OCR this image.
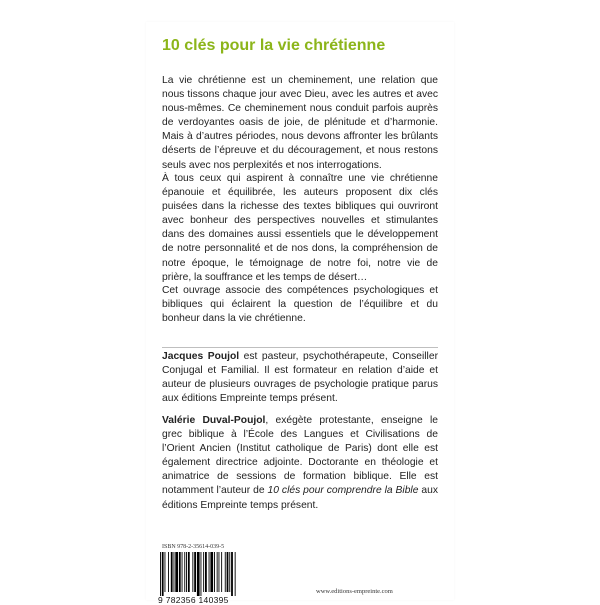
10 clés pour la vie chrétienne

La vie chrétienne est un cheminement, une relation que nous tissons chaque jour avec Dieu, avec les autres et avec nous-mêmes. Ce cheminement nous conduit parfois auprès de verdoyantes oasis de joie, de plénitude et d’harmonie. Mais à d’autres périodes, nous devons affronter les brûlants déserts de l’épreuve et du découragement, et nous restons seuls avec nos perplexités et nos interrogations.

À tous ceux qui aspirent à connaître une vie chrétienne épanouie et équilibrée, les auteurs proposent dix clés puisées dans la richesse des textes bibliques qui ouvriront avec bonheur des perspectives nouvelles et stimulantes dans des domaines aussi essentiels que le développement de notre personnalité et de nos dons, la compréhension de notre époque, le témoignage de notre foi, notre vie de prière, la souffrance et les temps de désert…

Cet ouvrage associe des compétences psychologiques et bibliques qui éclairent la question de l’équilibre et du bonheur dans la vie chrétienne.

Jacques Poujol est pasteur, psychothérapeute, Conseiller Conjugal et Familial. Il est formateur en relation d’aide et auteur de plusieurs ouvrages de psychologie pratique parus aux éditions Empreinte temps présent.

Valérie Duval-Poujol, exégète protestante, enseigne le grec biblique à l’École des Langues et Civilisations de l’Orient Ancien (Institut catholique de Paris) dont elle est également directrice adjointe. Doctorante en théologie et animatrice de sessions de formation biblique. Elle est notamment l’auteur de 10 clés pour comprendre la Bible aux éditions Empreinte temps présent.

ISBN 978-2-35614-039-5
9 782356 140395
www.editions-empreinte.com
